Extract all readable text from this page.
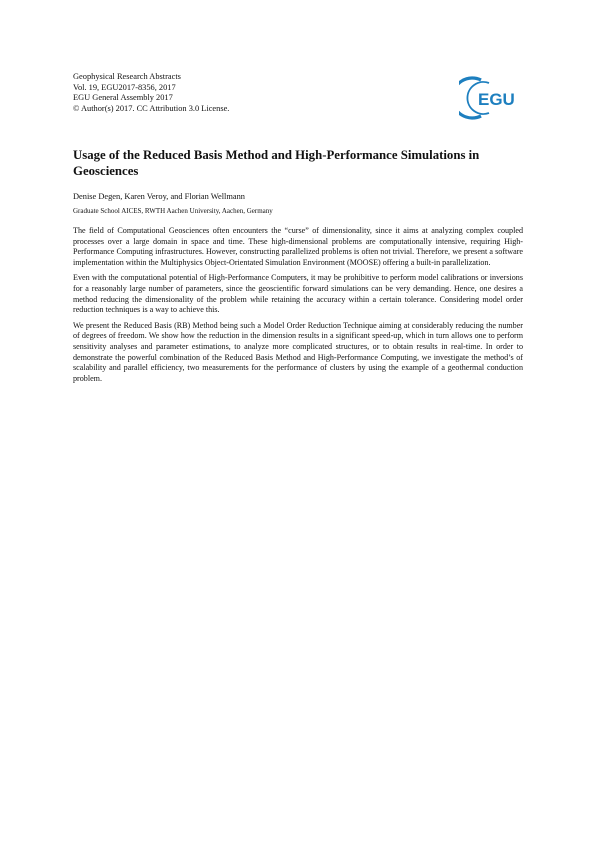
Geophysical Research Abstracts
Vol. 19, EGU2017-8356, 2017
EGU General Assembly 2017
© Author(s) 2017. CC Attribution 3.0 License.	EGU
Usage of the Reduced Basis Method and High-Performance Simulations in Geosciences
Denise Degen, Karen Veroy, and Florian Wellmann
Graduate School AICES, RWTH Aachen University, Aachen, Germany

The field of Computational Geosciences often encounters the “curse” of dimensionality, since it aims at analyzing complex coupled processes over a large domain in space and time. These high-dimensional problems are computationally intensive, requiring High-Performance Computing infrastructures. However, constructing parallelized problems is often not trivial. Therefore, we present a software implementation within the Multiphysics Object-Orientated Simulation Environment (MOOSE) offering a built-in parallelization.

Even with the computational potential of High-Performance Computers, it may be prohibitive to perform model calibrations or inversions for a reasonably large number of parameters, since the geoscientific forward simulations can be very demanding. Hence, one desires a method reducing the dimensionality of the problem while retaining the accuracy within a certain tolerance. Considering model order reduction techniques is a way to achieve this.

We present the Reduced Basis (RB) Method being such a Model Order Reduction Technique aiming at considerably reducing the number of degrees of freedom. We show how the reduction in the dimension results in a significant speed-up, which in turn allows one to perform sensitivity analyses and parameter estimations, to analyze more complicated structures, or to obtain results in real-time. In order to demonstrate the powerful combination of the Reduced Basis Method and High-Performance Computing, we investigate the method’s of scalability and parallel efficiency, two measurements for the performance of clusters by using the example of a geothermal conduction problem.
